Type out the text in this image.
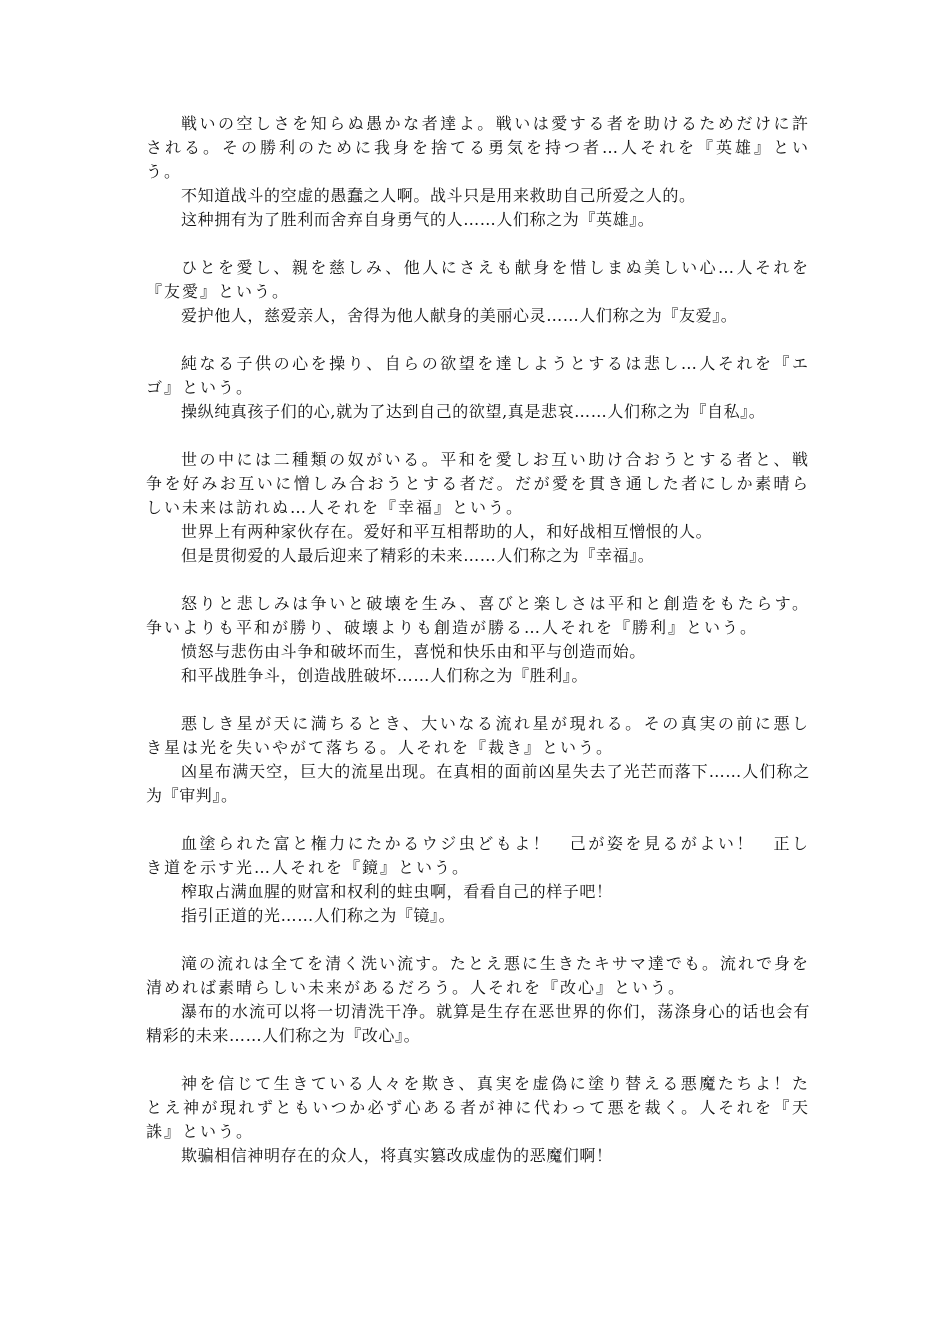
戦いの空しさを知らぬ愚かな者達よ。戦いは愛する者を助けるためだけに許される。その勝利のために我身を捨てる勇気を持つ者…人それを『英雄』という。

不知道战斗的空虚的愚蠢之人啊。战斗只是用来救助自己所爱之人的。

这种拥有为了胜利而舍弃自身勇气的人……人们称之为『英雄』。

ひとを愛し、親を慈しみ、他人にさえも献身を惜しまぬ美しい心…人それを『友愛』という。

爱护他人，慈爱亲人，舍得为他人献身的美丽心灵……人们称之为『友爱』。

純なる子供の心を操り、自らの欲望を達しようとするは悲し…人それを『エゴ』という。

操纵纯真孩子们的心,就为了达到自己的欲望,真是悲哀……人们称之为『自私』。

世の中には二種類の奴がいる。平和を愛しお互い助け合おうとする者と、戦争を好みお互いに憎しみ合おうとする者だ。だが愛を貫き通した者にしか素晴らしい未来は訪れぬ…人それを『幸福』という。

世界上有两种家伙存在。爱好和平互相帮助的人，和好战相互憎恨的人。

但是贯彻爱的人最后迎来了精彩的未来……人们称之为『幸福』。

怒りと悲しみは争いと破壊を生み、喜びと楽しさは平和と創造をもたらす。争いよりも平和が勝り、破壊よりも創造が勝る…人それを『勝利』という。

愤怒与悲伤由斗争和破坏而生，喜悦和快乐由和平与创造而始。

和平战胜争斗，创造战胜破坏……人们称之为『胜利』。

悪しき星が天に満ちるとき、大いなる流れ星が現れる。その真実の前に悪しき星は光を失いやがて落ちる。人それを『裁き』という。

凶星布满天空，巨大的流星出现。在真相的面前凶星失去了光芒而落下……人们称之为『审判』。

血塗られた富と権力にたかるウジ虫どもよ！　己が姿を見るがよい！　正しき道を示す光…人それを『鏡』という。

榨取占满血腥的财富和权利的蛀虫啊，看看自己的样子吧！

指引正道的光……人们称之为『镜』。

滝の流れは全てを清く洗い流す。たとえ悪に生きたキサマ達でも。流れで身を清めれば素晴らしい未来があるだろう。人それを『改心』という。

瀑布的水流可以将一切清洗干净。就算是生存在恶世界的你们，荡涤身心的话也会有精彩的未来……人们称之为『改心』。

神を信じて生きている人々を欺き、真実を虚偽に塗り替える悪魔たちよ！たとえ神が現れずともいつか必ず心ある者が神に代わって悪を裁く。人それを『天誅』という。

欺骗相信神明存在的众人，将真实篡改成虚伪的恶魔们啊！
